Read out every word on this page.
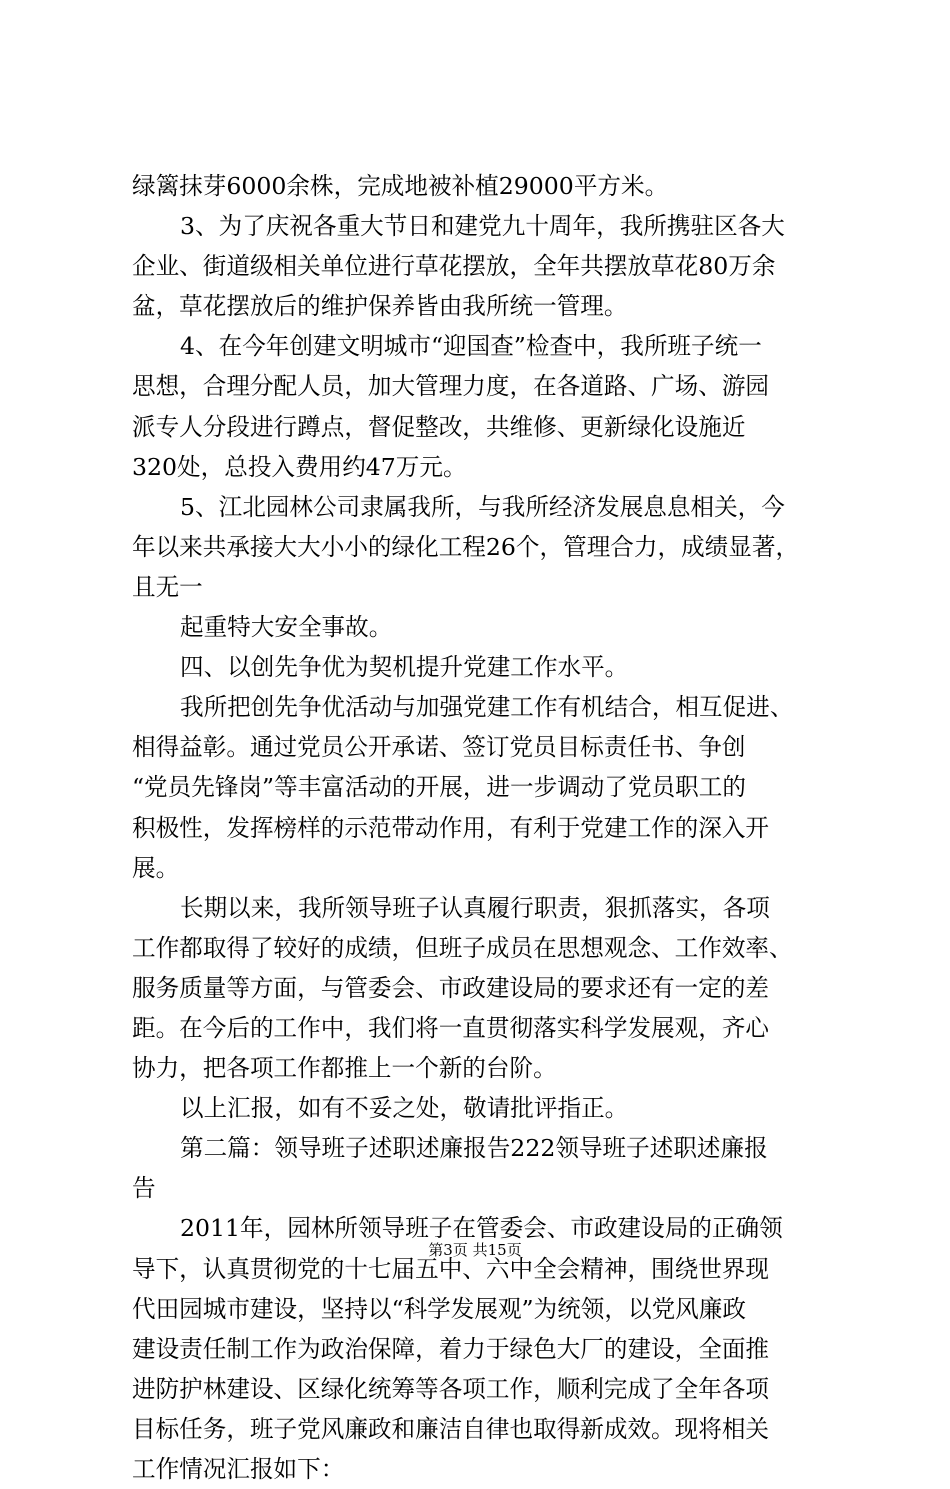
绿篱抹芽6000余株，完成地被补植29000平方米。
3、为了庆祝各重大节日和建党九十周年，我所携驻区各大
企业、街道级相关单位进行草花摆放，全年共摆放草花80万余
盆，草花摆放后的维护保养皆由我所统一管理。
4、在今年创建文明城市“迎国查”检查中，我所班子统一
思想，合理分配人员，加大管理力度，在各道路、广场、游园
派专人分段进行蹲点，督促整改，共维修、更新绿化设施近
320处，总投入费用约47万元。
5、江北园林公司隶属我所，与我所经济发展息息相关，今
年以来共承接大大小小的绿化工程26个，管理合力，成绩显著，
且无一
起重特大安全事故。
四、以创先争优为契机提升党建工作水平。
我所把创先争优活动与加强党建工作有机结合，相互促进、
相得益彰。通过党员公开承诺、签订党员目标责任书、争创
“党员先锋岗”等丰富活动的开展，进一步调动了党员职工的
积极性，发挥榜样的示范带动作用，有利于党建工作的深入开
展。
长期以来，我所领导班子认真履行职责，狠抓落实，各项
工作都取得了较好的成绩，但班子成员在思想观念、工作效率、
服务质量等方面，与管委会、市政建设局的要求还有一定的差
距。在今后的工作中，我们将一直贯彻落实科学发展观，齐心
协力，把各项工作都推上一个新的台阶。
以上汇报，如有不妥之处，敬请批评指正。
第二篇：领导班子述职述廉报告222领导班子述职述廉报
告
2011年，园林所领导班子在管委会、市政建设局的正确领
导下，认真贯彻党的十七届五中、六中全会精神，围绕世界现
代田园城市建设，坚持以“科学发展观”为统领，以党风廉政
建设责任制工作为政治保障，着力于绿色大厂的建设，全面推
进防护林建设、区绿化统筹等各项工作，顺利完成了全年各项
目标任务，班子党风廉政和廉洁自律也取得新成效。现将相关
工作情况汇报如下：
第3页 共15页
